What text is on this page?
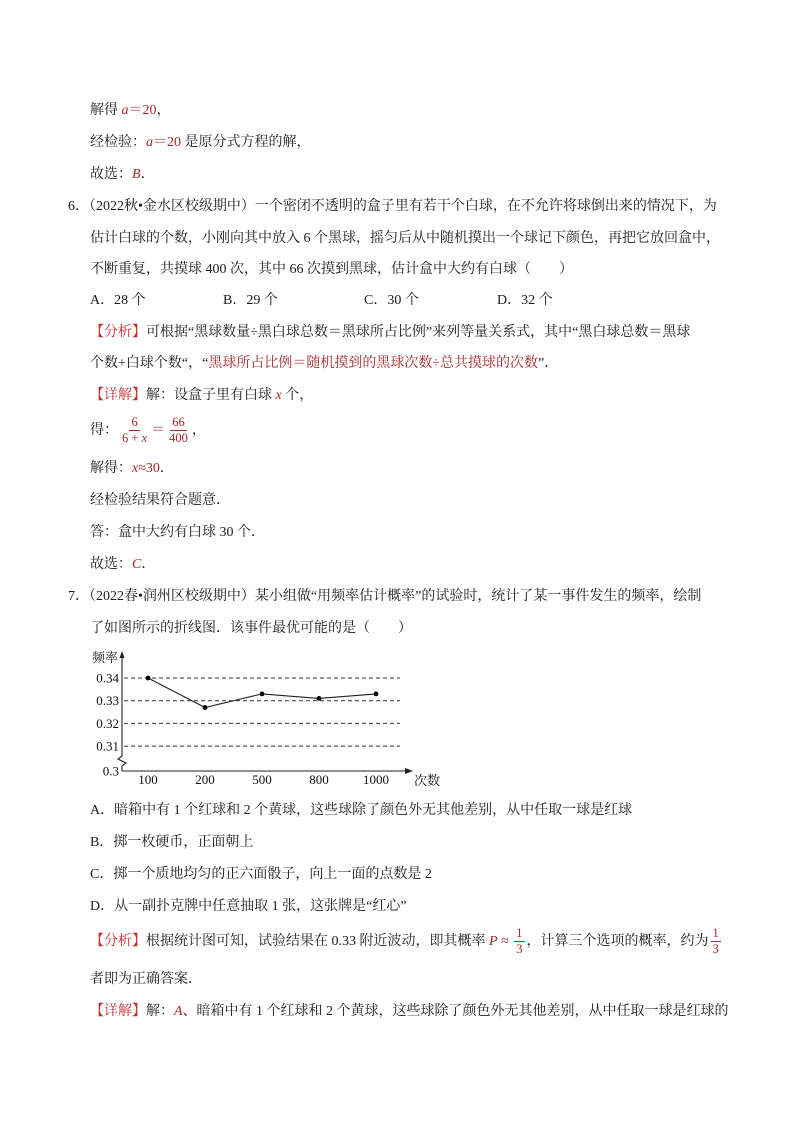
解得 a＝20，
经检验：a＝20 是原分式方程的解，
故选：B．
6．（2022秋•金水区校级期中）一个密闭不透明的盒子里有若干个白球，在不允许将球倒出来的情况下，为
估计白球的个数，小刚向其中放入 6 个黑球，摇匀后从中随机摸出一个球记下颜色，再把它放回盒中，
不断重复，共摸球 400 次，其中 66 次摸到黑球，估计盒中大约有白球（　　）
A．28 个	B．29 个	C．30 个	D．32 个
【分析】可根据“黑球数量÷黑白球总数＝黑球所占比例”来列等量关系式，其中“黑白球总数＝黑球
个数+白球个数“，“黑球所占比例＝随机摸到的黑球次数÷总共摸球的次数”．
【详解】解：设盒子里有白球 x 个，
得： $\frac{6}{6 + x} = \frac{66}{400}$ ，
解得：x≈30．
经检验结果符合题意．
答：盒中大约有白球 30 个．
故选：C．
7．（2022春•润州区校级期中）某小组做“用频率估计概率”的试验时，统计了某一事件发生的频率，绘制
了如图所示的折线图．该事件最优可能的是（　　）
0.34
0.33
0.32
0.31
0.3
频率
次数
100	200	500	800	1000
A．暗箱中有 1 个红球和 2 个黄球，这些球除了颜色外无其他差别，从中任取一球是红球
B．掷一枚硬币，正面朝上
C．掷一个质地均匀的正六面骰子，向上一面的点数是 2
D．从一副扑克牌中任意抽取 1 张，这张牌是“红心”
【分析】根据统计图可知，试验结果在 0.33 附近波动，即其概率 $P \approx \frac{1}{3}$ ，计算三个选项的概率，约为 $\frac{1}{3}$
者即为正确答案．
【详解】解：A、暗箱中有 1 个红球和 2 个黄球，这些球除了颜色外无其他差别，从中任取一球是红球的
